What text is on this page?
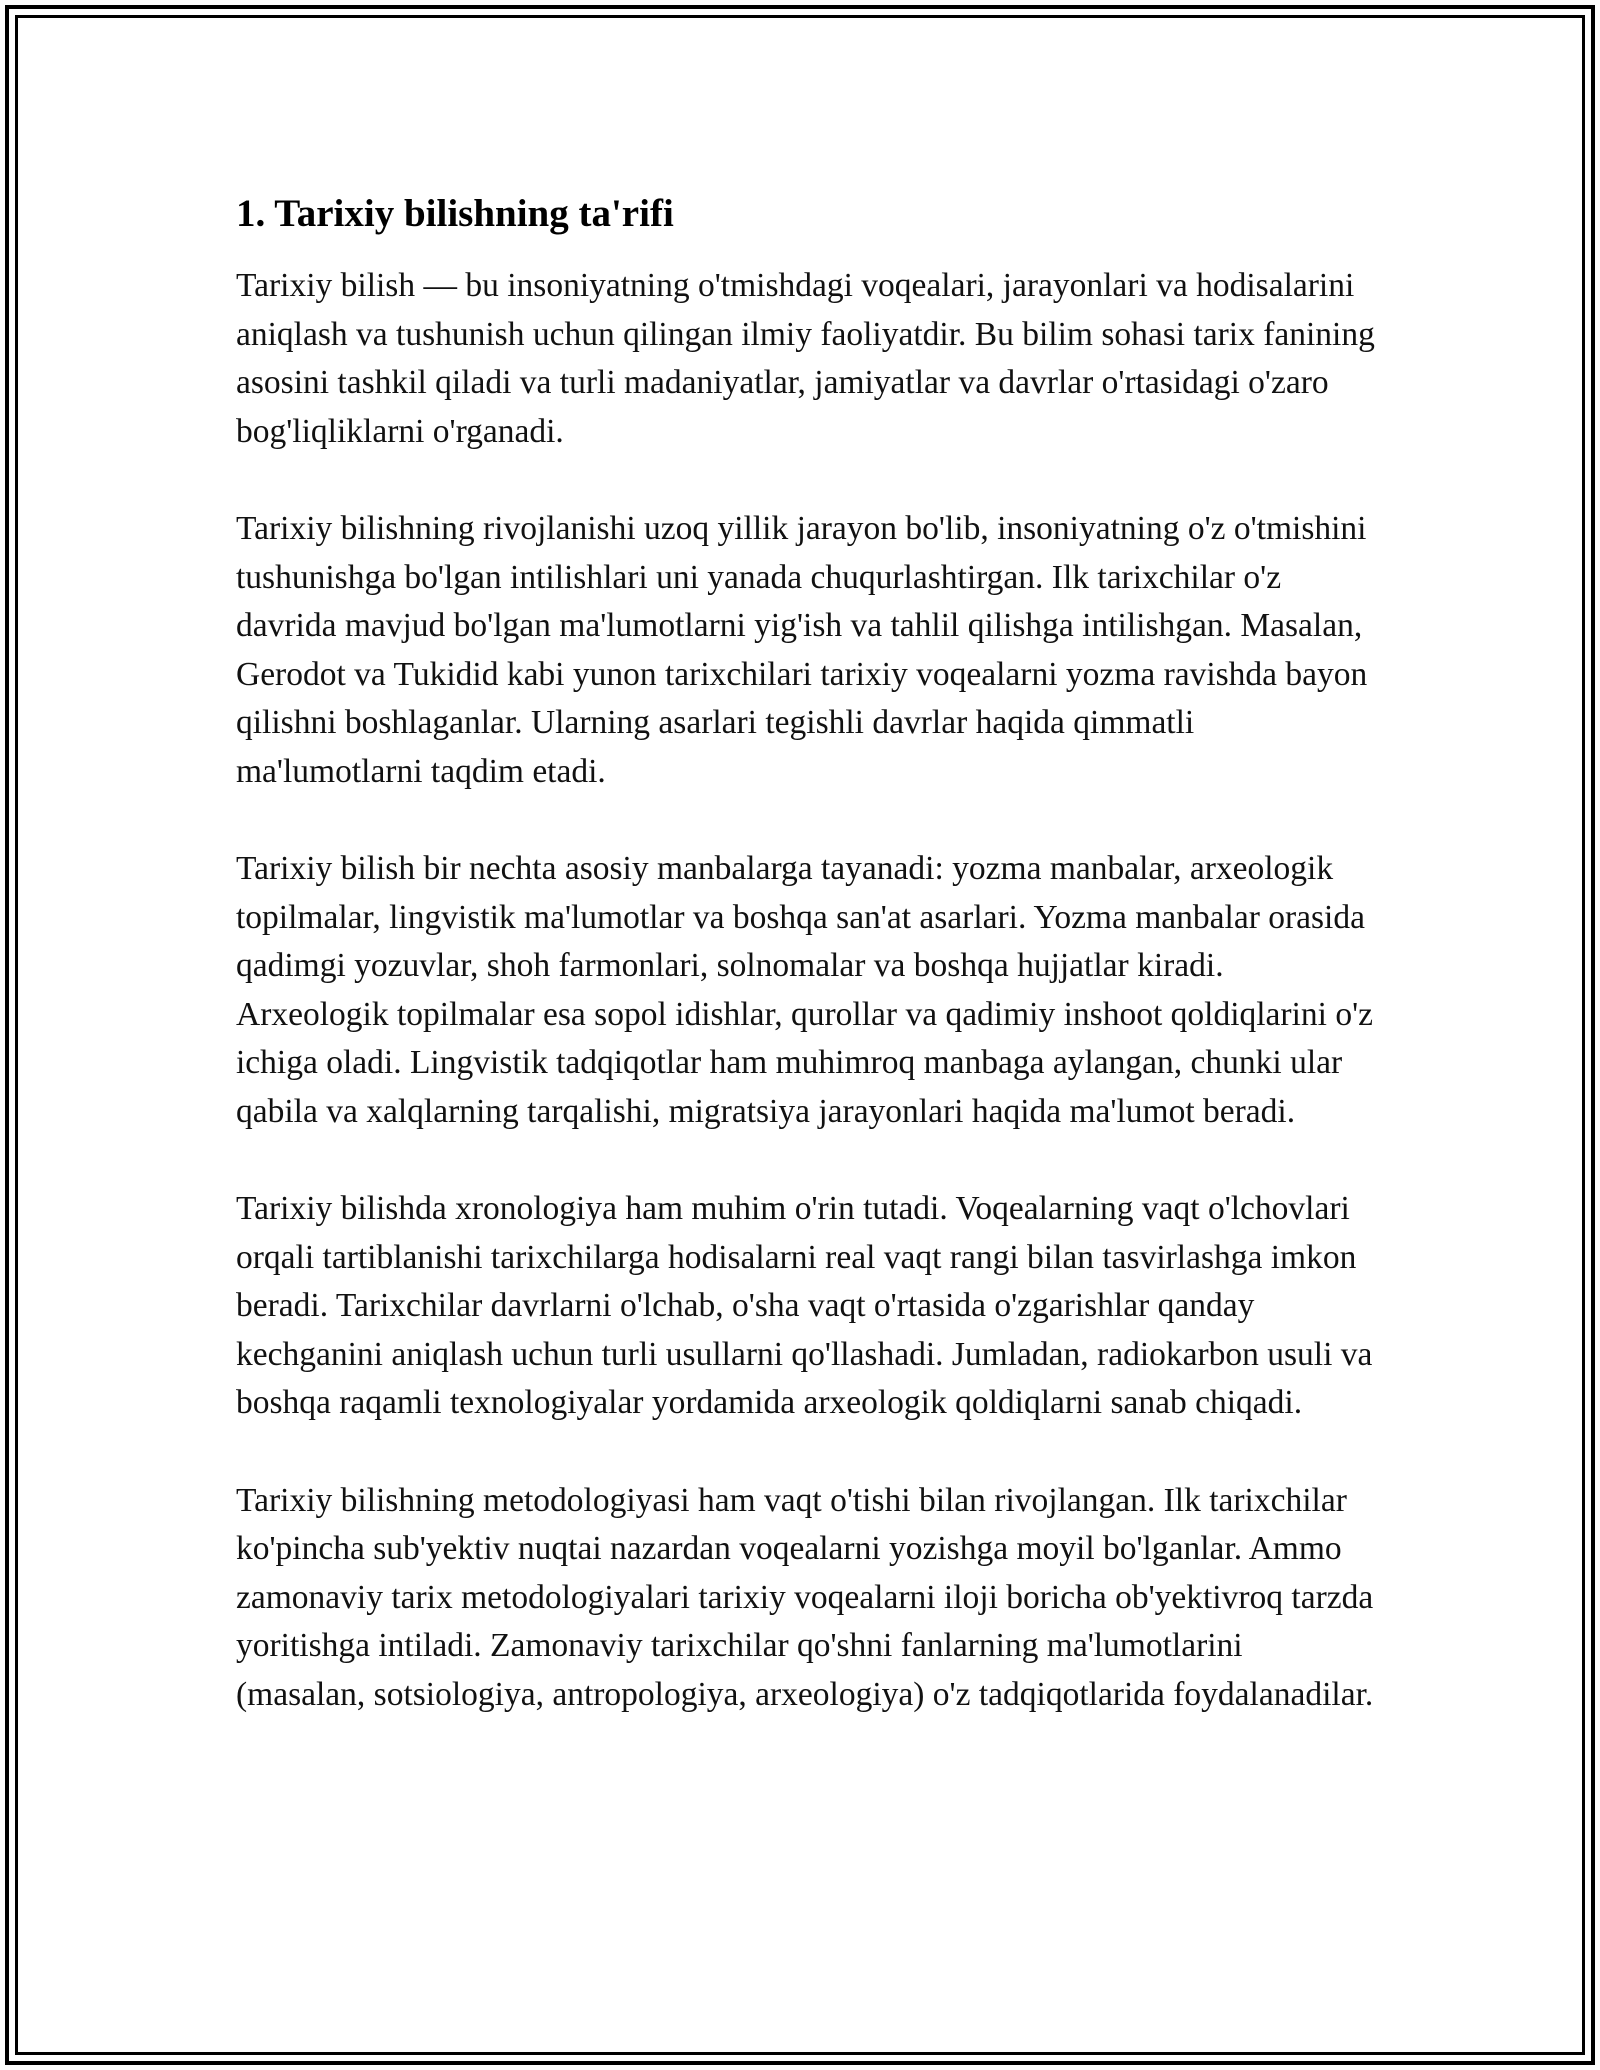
1. Tarixiy bilishning ta'rifi

Tarixiy bilish — bu insoniyatning o'tmishdagi voqealari, jarayonlari va hodisalarini aniqlash va tushunish uchun qilingan ilmiy faoliyatdir. Bu bilim sohasi tarix fanining asosini tashkil qiladi va turli madaniyatlar, jamiyatlar va davrlar o'rtasidagi o'zaro bog'liqliklarni o'rganadi.

Tarixiy bilishning rivojlanishi uzoq yillik jarayon bo'lib, insoniyatning o'z o'tmishini tushunishga bo'lgan intilishlari uni yanada chuqurlashtirgan. Ilk tarixchilar o'z davrida mavjud bo'lgan ma'lumotlarni yig'ish va tahlil qilishga intilishgan. Masalan, Gerodot va Tukidid kabi yunon tarixchilari tarixiy voqealarni yozma ravishda bayon qilishni boshlaganlar. Ularning asarlari tegishli davrlar haqida qimmatli ma'lumotlarni taqdim etadi.

Tarixiy bilish bir nechta asosiy manbalarga tayanadi: yozma manbalar, arxeologik topilmalar, lingvistik ma'lumotlar va boshqa san'at asarlari. Yozma manbalar orasida qadimgi yozuvlar, shoh farmonlari, solnomalar va boshqa hujjatlar kiradi. Arxeologik topilmalar esa sopol idishlar, qurollar va qadimiy inshoot qoldiqlarini o'z ichiga oladi. Lingvistik tadqiqotlar ham muhimroq manbaga aylangan, chunki ular qabila va xalqlarning tarqalishi, migratsiya jarayonlari haqida ma'lumot beradi.

Tarixiy bilishda xronologiya ham muhim o'rin tutadi. Voqealarning vaqt o'lchovlari orqali tartiblanishi tarixchilarga hodisalarni real vaqt rangi bilan tasvirlashga imkon beradi. Tarixchilar davrlarni o'lchab, o'sha vaqt o'rtasida o'zgarishlar qanday kechganini aniqlash uchun turli usullarni qo'llashadi. Jumladan, radiokarbon usuli va boshqa raqamli texnologiyalar yordamida arxeologik qoldiqlarni sanab chiqadi.

Tarixiy bilishning metodologiyasi ham vaqt o'tishi bilan rivojlangan. Ilk tarixchilar ko'pincha sub'yektiv nuqtai nazardan voqealarni yozishga moyil bo'lganlar. Ammo zamonaviy tarix metodologiyalari tarixiy voqealarni iloji boricha ob'yektivroq tarzda yoritishga intiladi. Zamonaviy tarixchilar qo'shni fanlarning ma'lumotlarini (masalan, sotsiologiya, antropologiya, arxeologiya) o'z tadqiqotlarida foydalanadilar.
